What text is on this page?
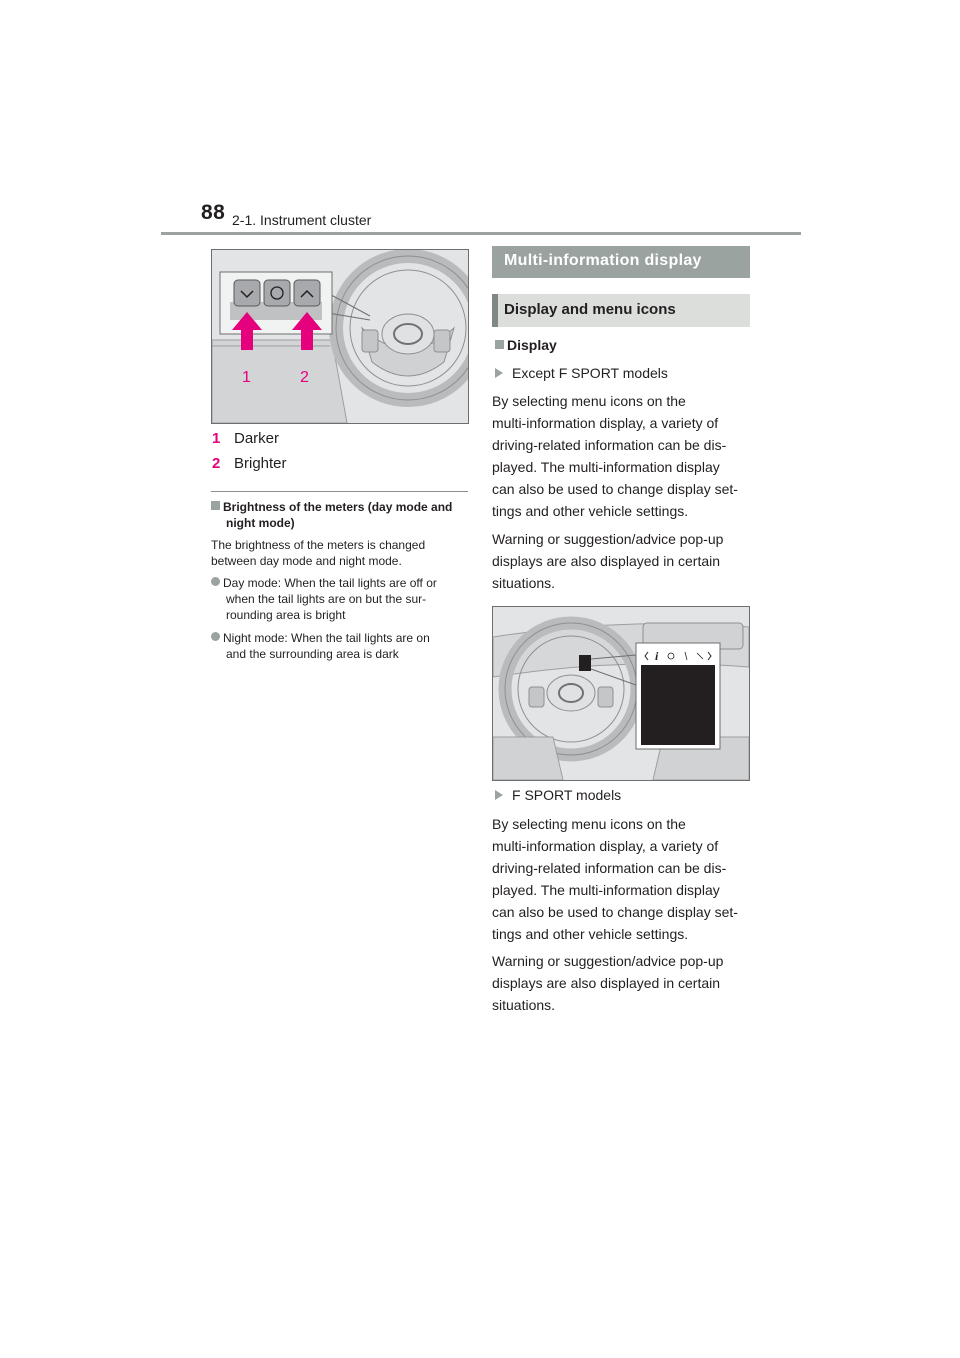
88 2-1. Instrument cluster
1	2
1 Darker
2 Brighter
Brightness of the meters (day mode and
night mode)
The brightness of the meters is changed between day mode and night mode.
Day mode: When the tail lights are off or
when the tail lights are on but the sur-
rounding area is bright
Night mode: When the tail lights are on
and the surrounding area is dark
Multi-information display
Display and menu icons
Display
Except F SPORT models
By selecting menu icons on the
multi-information display, a variety of
driving-related information can be dis-
played. The multi-information display
can also be used to change display set-
tings and other vehicle settings.
Warning or suggestion/advice pop-up
displays are also displayed in certain
situations.
i
F SPORT models
By selecting menu icons on the
multi-information display, a variety of
driving-related information can be dis-
played. The multi-information display
can also be used to change display set-
tings and other vehicle settings.
Warning or suggestion/advice pop-up
displays are also displayed in certain
situations.
